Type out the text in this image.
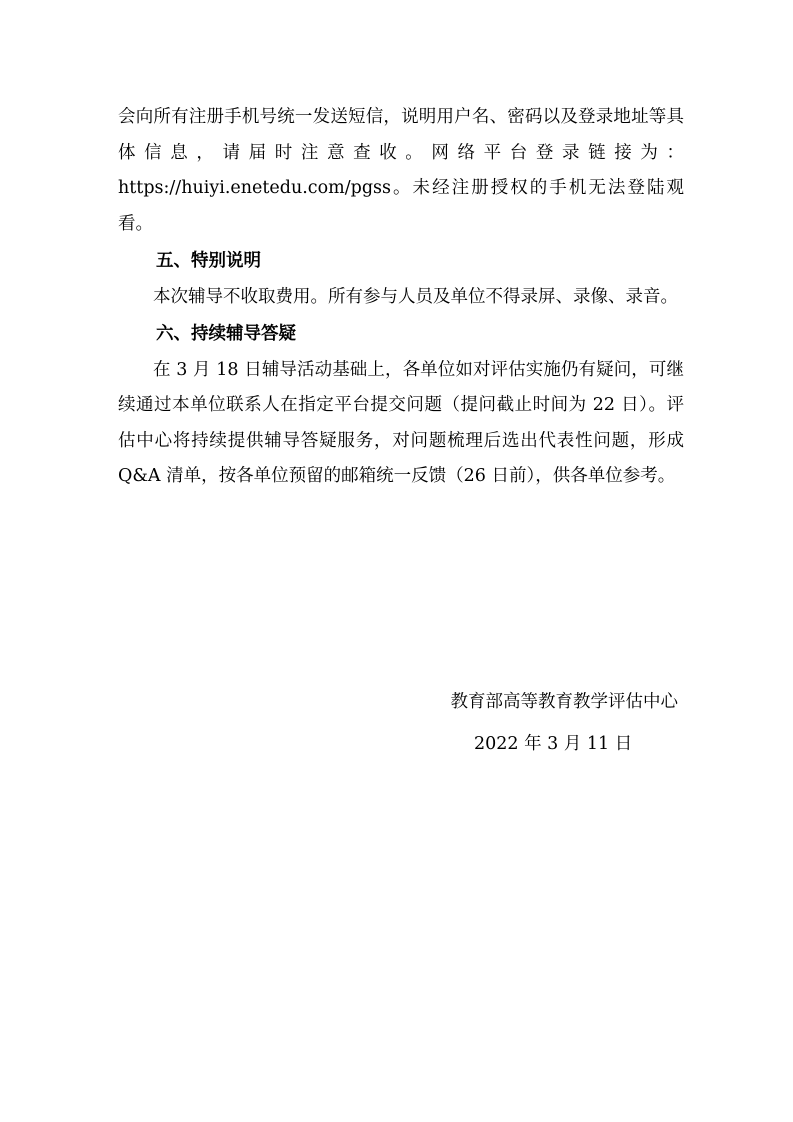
会向所有注册手机号统一发送短信，说明用户名、密码以及登录地址等具体信息，请届时注意查收。网络平台登录链接为：https://huiyi.enetedu.com/pgss。未经注册授权的手机无法登陆观看。

五、特别说明

本次辅导不收取费用。所有参与人员及单位不得录屏、录像、录音。

六、持续辅导答疑

在 3 月 18 日辅导活动基础上，各单位如对评估实施仍有疑问，可继续通过本单位联系人在指定平台提交问题（提问截止时间为 22 日）。评估中心将持续提供辅导答疑服务，对问题梳理后选出代表性问题，形成 Q&A 清单，按各单位预留的邮箱统一反馈（26 日前），供各单位参考。

教育部高等教育教学评估中心
2022 年 3 月 11 日
